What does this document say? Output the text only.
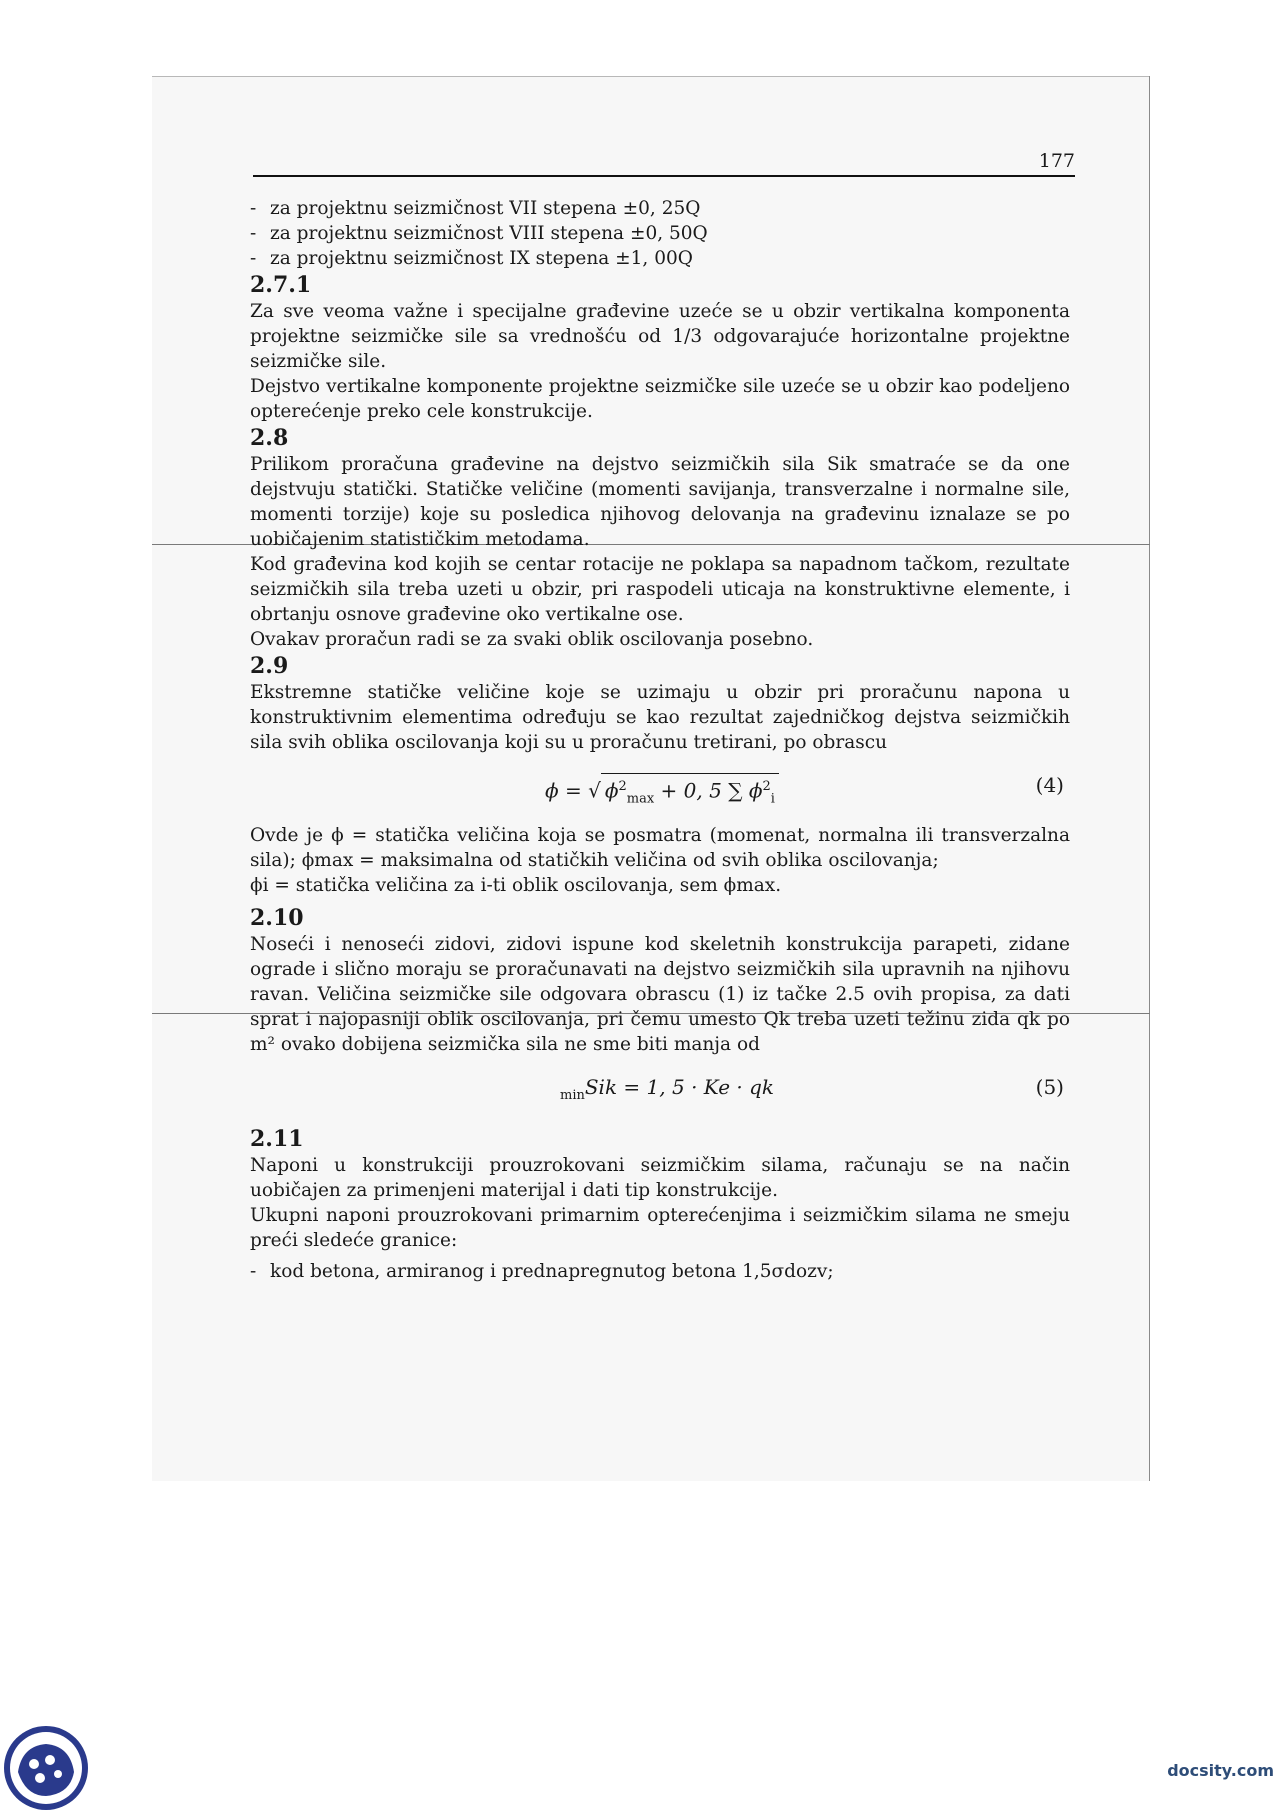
177

- za projektnu seizmičnost VII stepena ±0, 25Q

- za projektnu seizmičnost VIII stepena ±0, 50Q

- za projektnu seizmičnost IX stepena ±1, 00Q

2.7.1

Za sve veoma važne i specijalne građevine uzeće se u obzir vertikalna komponenta projektne seizmičke sile sa vrednošću od 1/3 odgovarajuće horizontalne projektne seizmičke sile.

Dejstvo vertikalne komponente projektne seizmičke sile uzeće se u obzir kao podeljeno opterećenje preko cele konstrukcije.

2.8

Prilikom proračuna građevine na dejstvo seizmičkih sila Sik smatraće se da one dejstvuju statički. Statičke veličine (momenti savijanja, transverzalne i normalne sile, momenti torzije) koje su posledica njihovog delovanja na građevinu iznalaze se po uobičajenim statističkim metodama.

Kod građevina kod kojih se centar rotacije ne poklapa sa napadnom tačkom, rezultate seizmičkih sila treba uzeti u obzir, pri raspodeli uticaja na konstruktivne elemente, i obrtanju osnove građevine oko vertikalne ose.

Ovakav proračun radi se za svaki oblik oscilovanja posebno.

2.9

Ekstremne statičke veličine koje se uzimaju u obzir pri proračunu napona u konstruktivnim elementima određuju se kao rezultat zajedničkog dejstva seizmičkih sila svih oblika oscilovanja koji su u proračunu tretirani, po obrascu

ϕ = √ $\phi^2_{max} + 0$, 5 ∑ $\phi^2_i$
(4)

Ovde je ϕ = statička veličina koja se posmatra (momenat, normalna ili transverzalna sila); ϕmax = maksimalna od statičkih veličina od svih oblika oscilovanja;

ϕi = statička veličina za i-ti oblik oscilovanja, sem ϕmax.

2.10

Noseći i nenoseći zidovi, zidovi ispune kod skeletnih konstrukcija parapeti, zidane ograde i slično moraju se proračunavati na dejstvo seizmičkih sila upravnih na njihovu ravan. Veličina seizmičke sile odgovara obrascu (1) iz tačke 2.5 ovih propisa, za dati sprat i najopasniji oblik oscilovanja, pri čemu umesto Qk treba uzeti težinu zida qk po m² ovako dobijena seizmička sila ne sme biti manja od

$_{min}$Sik = 1, 5 · Ke · qk	(5)

2.11

Naponi u konstrukciji prouzrokovani seizmičkim silama, računaju se na način uobičajen za primenjeni materijal i dati tip konstrukcije.

Ukupni naponi prouzrokovani primarnim opterećenjima i seizmičkim silama ne smeju preći sledeće granice:

- kod betona, armiranog i prednapregnutog betona 1,5σdozv;

docsity.com
